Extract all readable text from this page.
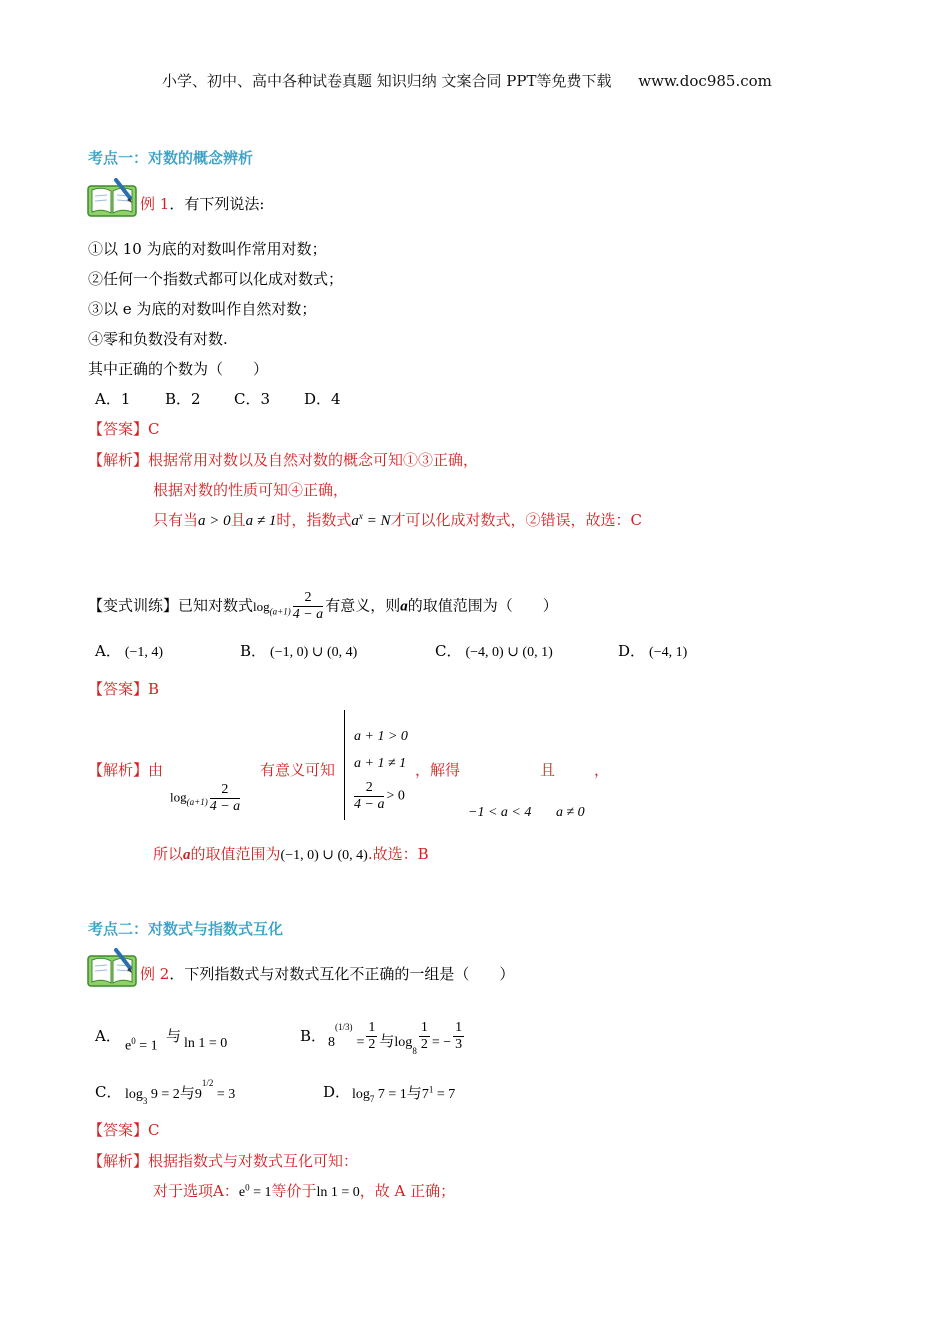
小学、初中、高中各种试卷真题 知识归纳 文案合同 PPT等免费下载 www.doc985.com
考点一：对数的概念辨析
例 1．有下列说法:
①以 10 为底的对数叫作常用对数；
②任何一个指数式都可以化成对数式；
③以 e 为底的对数叫作自然对数；
④零和负数没有对数.
其中正确的个数为（　　）
A．1 B．2 C．3 D．4
【答案】C
【解析】根据常用对数以及自然对数的概念可知①③正确，
根据对数的性质可知④正确，
只有当a > 0且a ≠ 1时，指数式$a^x = N$才可以化成对数式，②错误，故选：C
【变式训练】已知对数式$\log_{(a+1)} \frac{2}{4 - a}$ 有意义，则a的取值范围为（　　）
A． (−1, 4)	B． (−1, 0) ∪ (0, 4)	C． (−4, 0) ∪ (0, 1)	D． (−4, 1)
【答案】B
【解析】由	有意义可知
$\log_{(a+1)} \frac{2}{4 - a}$
a + 1 > 0
a + 1 ≠ 1
$\frac{2}{4 - a} > 0$
，解得	且	，
−1 < a < 4 a ≠ 0
所以a的取值范围为(−1, 0) ∪ (0, 4).故选：B
考点二：对数式与指数式互化
例 2．下列指数式与对数式互化不正确的一组是（　　）
A．
$e^0 = 1$
与 ln 1 = 0	B． $8(1/3)= \frac{1}{2}$ 与$\log_8 \frac{1}{2}$ = − $\frac{1}{3}$
C． $\log_3 9 = 2$与$9^{1/2} = 3$	D． $\log_7 7 = 1$与$7^1 = 7$
【答案】C
【解析】根据指数式与对数式互化可知：
对于选项A：$e^0 = 1$等价于ln 1 = 0，故 A 正确；
